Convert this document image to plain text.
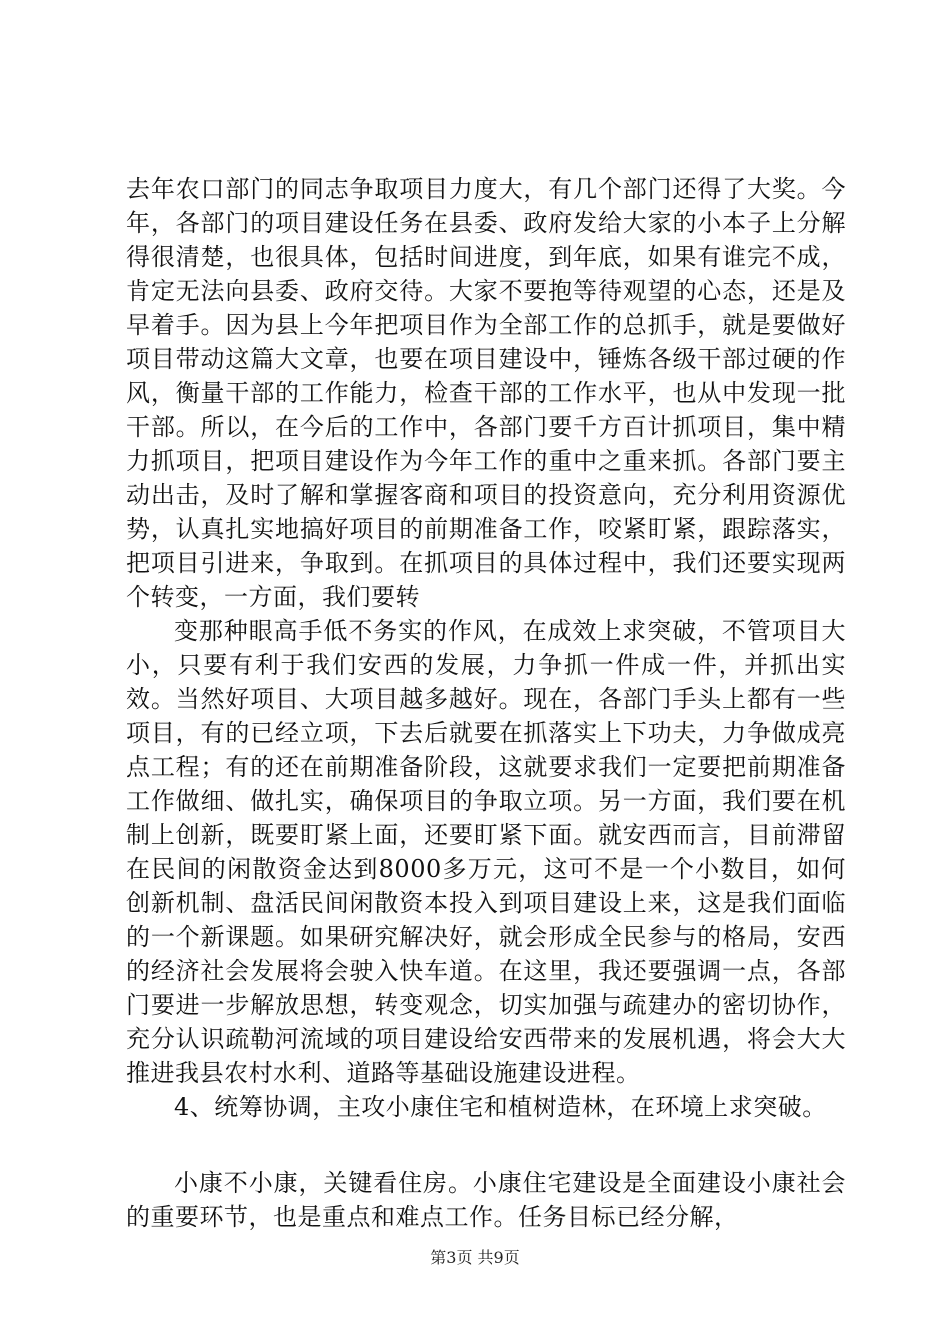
去年农口部门的同志争取项目力度大，有几个部门还得了大奖。今年，各部门的项目建设任务在县委、政府发给大家的小本子上分解得很清楚，也很具体，包括时间进度，到年底，如果有谁完不成，肯定无法向县委、政府交待。大家不要抱等待观望的心态，还是及早着手。因为县上今年把项目作为全部工作的总抓手，就是要做好项目带动这篇大文章，也要在项目建设中，锤炼各级干部过硬的作风，衡量干部的工作能力，检查干部的工作水平，也从中发现一批干部。所以，在今后的工作中，各部门要千方百计抓项目，集中精力抓项目，把项目建设作为今年工作的重中之重来抓。各部门要主动出击，及时了解和掌握客商和项目的投资意向，充分利用资源优势，认真扎实地搞好项目的前期准备工作，咬紧盯紧，跟踪落实，把项目引进来，争取到。在抓项目的具体过程中，我们还要实现两个转变，一方面，我们要转

变那种眼高手低不务实的作风，在成效上求突破，不管项目大小，只要有利于我们安西的发展，力争抓一件成一件，并抓出实效。当然好项目、大项目越多越好。现在，各部门手头上都有一些项目，有的已经立项，下去后就要在抓落实上下功夫，力争做成亮点工程；有的还在前期准备阶段，这就要求我们一定要把前期准备工作做细、做扎实，确保项目的争取立项。另一方面，我们要在机制上创新，既要盯紧上面，还要盯紧下面。就安西而言，目前滞留在民间的闲散资金达到8000多万元，这可不是一个小数目，如何创新机制、盘活民间闲散资本投入到项目建设上来，这是我们面临的一个新课题。如果研究解决好，就会形成全民参与的格局，安西的经济社会发展将会驶入快车道。在这里，我还要强调一点，各部门要进一步解放思想，转变观念，切实加强与疏建办的密切协作，充分认识疏勒河流域的项目建设给安西带来的发展机遇，将会大大推进我县农村水利、道路等基础设施建设进程。

4、统筹协调，主攻小康住宅和植树造林，在环境上求突破。

小康不小康，关键看住房。小康住宅建设是全面建设小康社会的重要环节，也是重点和难点工作。任务目标已经分解，

第3页 共9页
